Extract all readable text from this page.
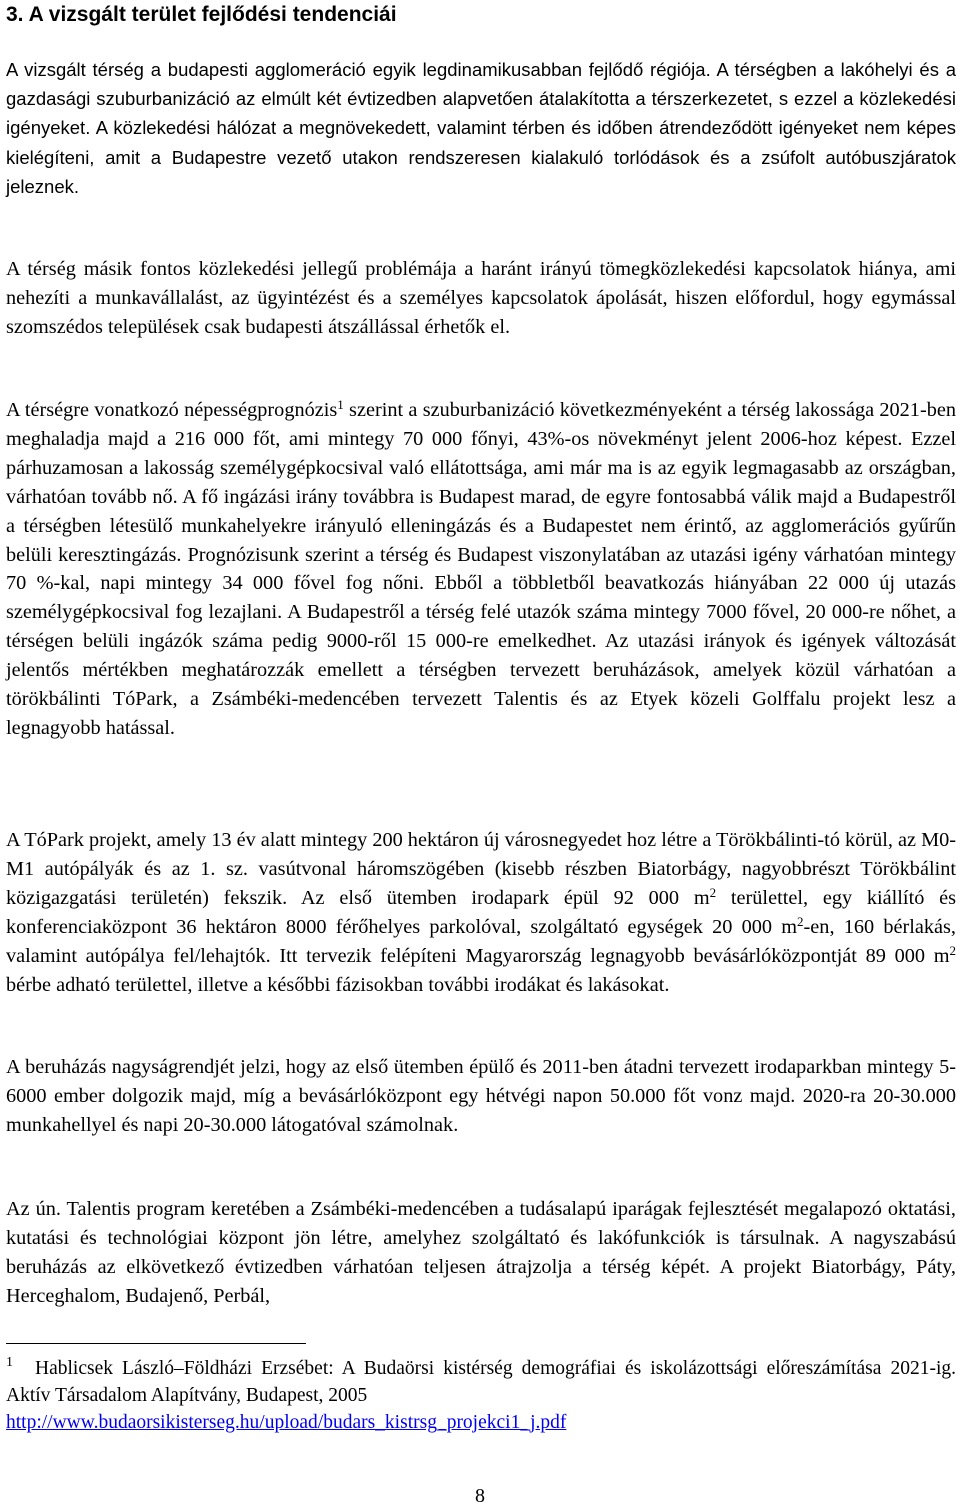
3. A vizsgált terület fejlődési tendenciái

A vizsgált térség a budapesti agglomeráció egyik legdinamikusabban fejlődő régiója. A térségben a lakóhelyi és a gazdasági szuburbanizáció az elmúlt két évtizedben alapvetően átalakította a térszerkezetet, s ezzel a közlekedési igényeket. A közlekedési hálózat a megnövekedett, valamint térben és időben átrendeződött igényeket nem képes kielégíteni, amit a Budapestre vezető utakon rendszeresen kialakuló torlódások és a zsúfolt autóbuszjáratok jeleznek.

A térség másik fontos közlekedési jellegű problémája a haránt irányú tömegközlekedési kapcsolatok hiánya, ami nehezíti a munkavállalást, az ügyintézést és a személyes kapcsolatok ápolását, hiszen előfordul, hogy egymással szomszédos települések csak budapesti átszállással érhetők el.

A térségre vonatkozó népességprognózis$^1$ szerint a szuburbanizáció következményeként a térség lakossága 2021-ben meghaladja majd a 216 000 főt, ami mintegy 70 000 főnyi, 43%-os növekményt jelent 2006-hoz képest. Ezzel párhuzamosan a lakosság személygépkocsival való ellátottsága, ami már ma is az egyik legmagasabb az országban, várhatóan tovább nő. A fő ingázási irány továbbra is Budapest marad, de egyre fontosabbá válik majd a Budapestről a térségben létesülő munkahelyekre irányuló elleningázás és a Budapestet nem érintő, az agglomerációs gyűrűn belüli keresztingázás. Prognózisunk szerint a térség és Budapest viszonylatában az utazási igény várhatóan mintegy 70 %-kal, napi mintegy 34 000 fővel fog nőni. Ebből a többletből beavatkozás hiányában 22 000 új utazás személygépkocsival fog lezajlani. A Budapestről a térség felé utazók száma mintegy 7000 fővel, 20 000-re nőhet, a térségen belüli ingázók száma pedig 9000-ről 15 000-re emelkedhet. Az utazási irányok és igények változását jelentős mértékben meghatározzák emellett a térségben tervezett beruházások, amelyek közül várhatóan a törökbálinti TóPark, a Zsámbéki-medencében tervezett Talentis és az Etyek közeli Golffalu projekt lesz a legnagyobb hatással.

A TóPark projekt, amely 13 év alatt mintegy 200 hektáron új városnegyedet hoz létre a Törökbálinti-tó körül, az M0-M1 autópályák és az 1. sz. vasútvonal háromszögében (kisebb részben Biatorbágy, nagyobbrészt Törökbálint közigazgatási területén) fekszik. Az első ütemben irodapark épül 92 000 $m^2$ területtel, egy kiállító és konferenciaközpont 36 hektáron 8000 férőhelyes parkolóval, szolgáltató egységek 20 000 $m^2-en$, 160 bérlakás, valamint autópálya fel/lehajtók. Itt tervezik felépíteni Magyarország legnagyobb bevásárlóközpontját 89 000 $m^2$ bérbe adható területtel, illetve a későbbi fázisokban további irodákat és lakásokat.

A beruházás nagyságrendjét jelzi, hogy az első ütemben épülő és 2011-ben átadni tervezett irodaparkban mintegy 5-6000 ember dolgozik majd, míg a bevásárlóközpont egy hétvégi napon 50.000 főt vonz majd. 2020-ra 20-30.000 munkahellyel és napi 20-30.000 látogatóval számolnak.

Az ún. Talentis program keretében a Zsámbéki-medencében a tudásalapú iparágak fejlesztését megalapozó oktatási, kutatási és technológiai központ jön létre, amelyhez szolgáltató és lakófunkciók is társulnak. A nagyszabású beruházás az elkövetkező évtizedben várhatóan teljesen átrajzolja a térség képét. A projekt Biatorbágy, Páty, Herceghalom, Budajenő, Perbál,

$^1$ Hablicsek László–Földházi Erzsébet: A Budaörsi kistérség demográfiai és iskolázottsági előreszámítása 2021-ig. Aktív Társadalom Alapítvány, Budapest, 2005
http://www.budaorsikisterseg.hu/upload/budars_kistrsg_projekci1_j.pdf
8
